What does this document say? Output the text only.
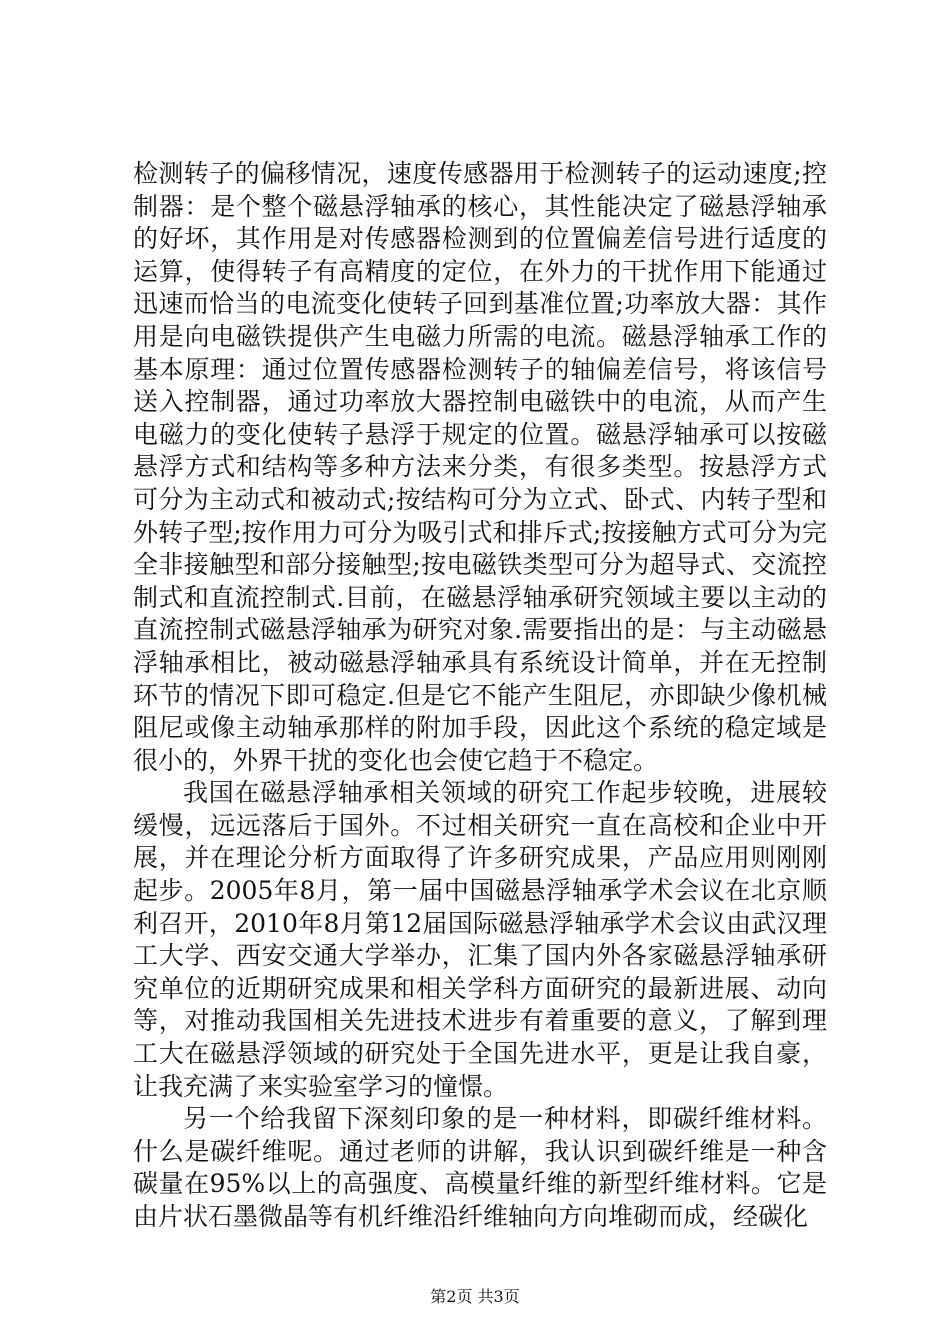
检测转子的偏移情况，速度传感器用于检测转子的运动速度;控制器：是个整个磁悬浮轴承的核心，其性能决定了磁悬浮轴承的好坏，其作用是对传感器检测到的位置偏差信号进行适度的运算，使得转子有高精度的定位，在外力的干扰作用下能通过迅速而恰当的电流变化使转子回到基准位置;功率放大器：其作用是向电磁铁提供产生电磁力所需的电流。磁悬浮轴承工作的基本原理：通过位置传感器检测转子的轴偏差信号，将该信号送入控制器，通过功率放大器控制电磁铁中的电流，从而产生电磁力的变化使转子悬浮于规定的位置。磁悬浮轴承可以按磁悬浮方式和结构等多种方法来分类，有很多类型。按悬浮方式可分为主动式和被动式;按结构可分为立式、卧式、内转子型和外转子型;按作用力可分为吸引式和排斥式;按接触方式可分为完全非接触型和部分接触型;按电磁铁类型可分为超导式、交流控制式和直流控制式.目前，在磁悬浮轴承研究领域主要以主动的直流控制式磁悬浮轴承为研究对象.需要指出的是：与主动磁悬浮轴承相比，被动磁悬浮轴承具有系统设计简单，并在无控制环节的情况下即可稳定.但是它不能产生阻尼，亦即缺少像机械阻尼或像主动轴承那样的附加手段，因此这个系统的稳定域是很小的，外界干扰的变化也会使它趋于不稳定。

我国在磁悬浮轴承相关领域的研究工作起步较晚，进展较缓慢，远远落后于国外。不过相关研究一直在高校和企业中开展，并在理论分析方面取得了许多研究成果，产品应用则刚刚起步。2005年8月，第一届中国磁悬浮轴承学术会议在北京顺利召开，2010年8月第12届国际磁悬浮轴承学术会议由武汉理工大学、西安交通大学举办，汇集了国内外各家磁悬浮轴承研究单位的近期研究成果和相关学科方面研究的最新进展、动向等，对推动我国相关先进技术进步有着重要的意义，了解到理工大在磁悬浮领域的研究处于全国先进水平，更是让我自豪，让我充满了来实验室学习的憧憬。

另一个给我留下深刻印象的是一种材料，即碳纤维材料。什么是碳纤维呢。通过老师的讲解，我认识到碳纤维是一种含碳量在95%以上的高强度、高模量纤维的新型纤维材料。它是由片状石墨微晶等有机纤维沿纤维轴向方向堆砌而成，经碳化

第2页 共3页
